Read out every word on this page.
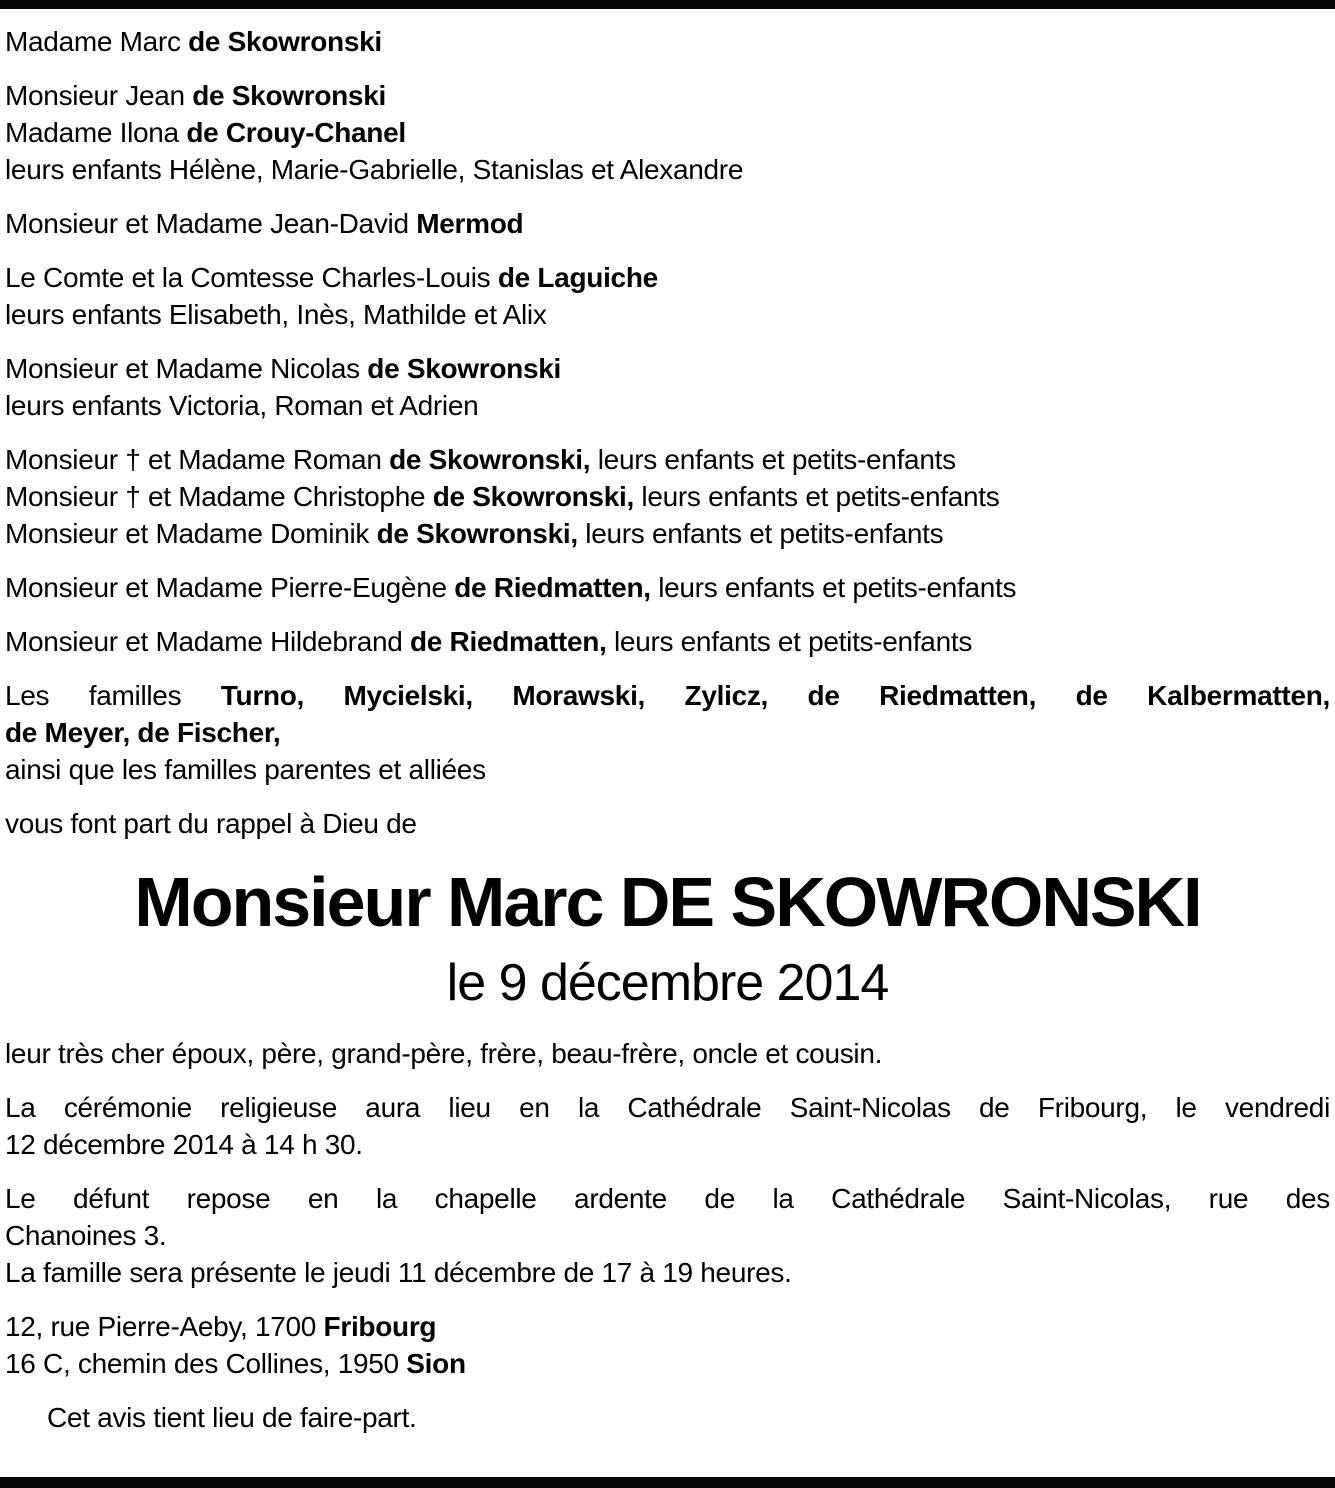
Madame Marc de Skowronski
Monsieur Jean de Skowronski
Madame Ilona de Crouy-Chanel
leurs enfants Hélène, Marie-Gabrielle, Stanislas et Alexandre
Monsieur et Madame Jean-David Mermod
Le Comte et la Comtesse Charles-Louis de Laguiche
leurs enfants Elisabeth, Inès, Mathilde et Alix
Monsieur et Madame Nicolas de Skowronski
leurs enfants Victoria, Roman et Adrien
Monsieur † et Madame Roman de Skowronski, leurs enfants et petits-enfants
Monsieur † et Madame Christophe de Skowronski, leurs enfants et petits-enfants
Monsieur et Madame Dominik de Skowronski, leurs enfants et petits-enfants
Monsieur et Madame Pierre-Eugène de Riedmatten, leurs enfants et petits-enfants
Monsieur et Madame Hildebrand de Riedmatten, leurs enfants et petits-enfants
Les familles Turno, Mycielski, Morawski, Zylicz, de Riedmatten, de Kalbermatten,
de Meyer, de Fischer,
ainsi que les familles parentes et alliées
vous font part du rappel à Dieu de
Monsieur Marc DE SKOWRONSKI
le 9 décembre 2014
leur très cher époux, père, grand-père, frère, beau-frère, oncle et cousin.
La cérémonie religieuse aura lieu en la Cathédrale Saint-Nicolas de Fribourg, le vendredi
12 décembre 2014 à 14 h 30.
Le défunt repose en la chapelle ardente de la Cathédrale Saint-Nicolas, rue des
Chanoines 3.
La famille sera présente le jeudi 11 décembre de 17 à 19 heures.
12, rue Pierre-Aeby, 1700 Fribourg
16 C, chemin des Collines, 1950 Sion
Cet avis tient lieu de faire-part.
